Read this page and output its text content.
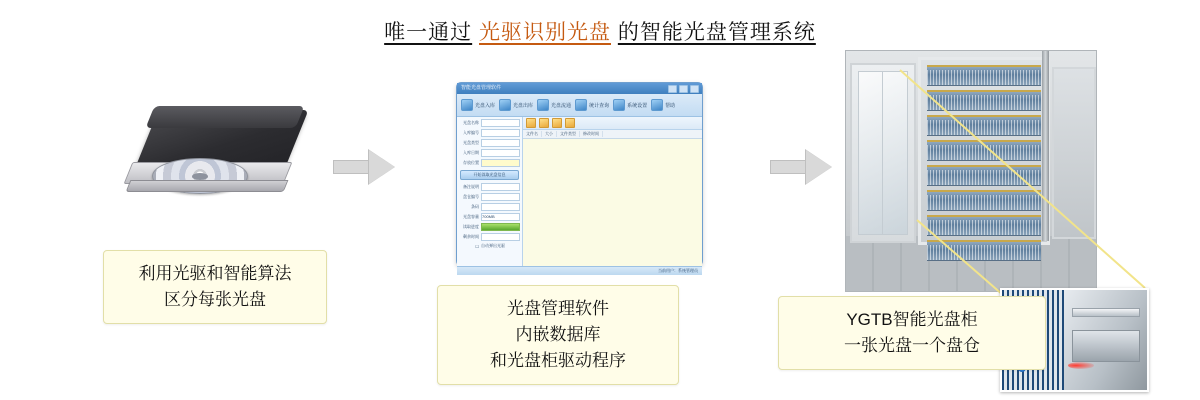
唯一通过 光驱识别光盘 的智能光盘管理系统
利用光驱和智能算法
区分每张光盘
智能光盘管理软件
光盘入库	光盘出库	光盘流通	统计查询	系统设置	帮助
光盘名称
入库编号
光盘类型
入库日期
存放位置
开始读取光盘信息
备注说明
盘仓编号
条码
光盘容量 700MB
读取进度
剩余时间
☐ 自动弹出光驱
文件名	大小	文件类型	修改时间
当前用户：系统管理员
光盘管理软件
内嵌数据库
和光盘柜驱动程序
YGTB智能光盘柜
一张光盘一个盘仓
